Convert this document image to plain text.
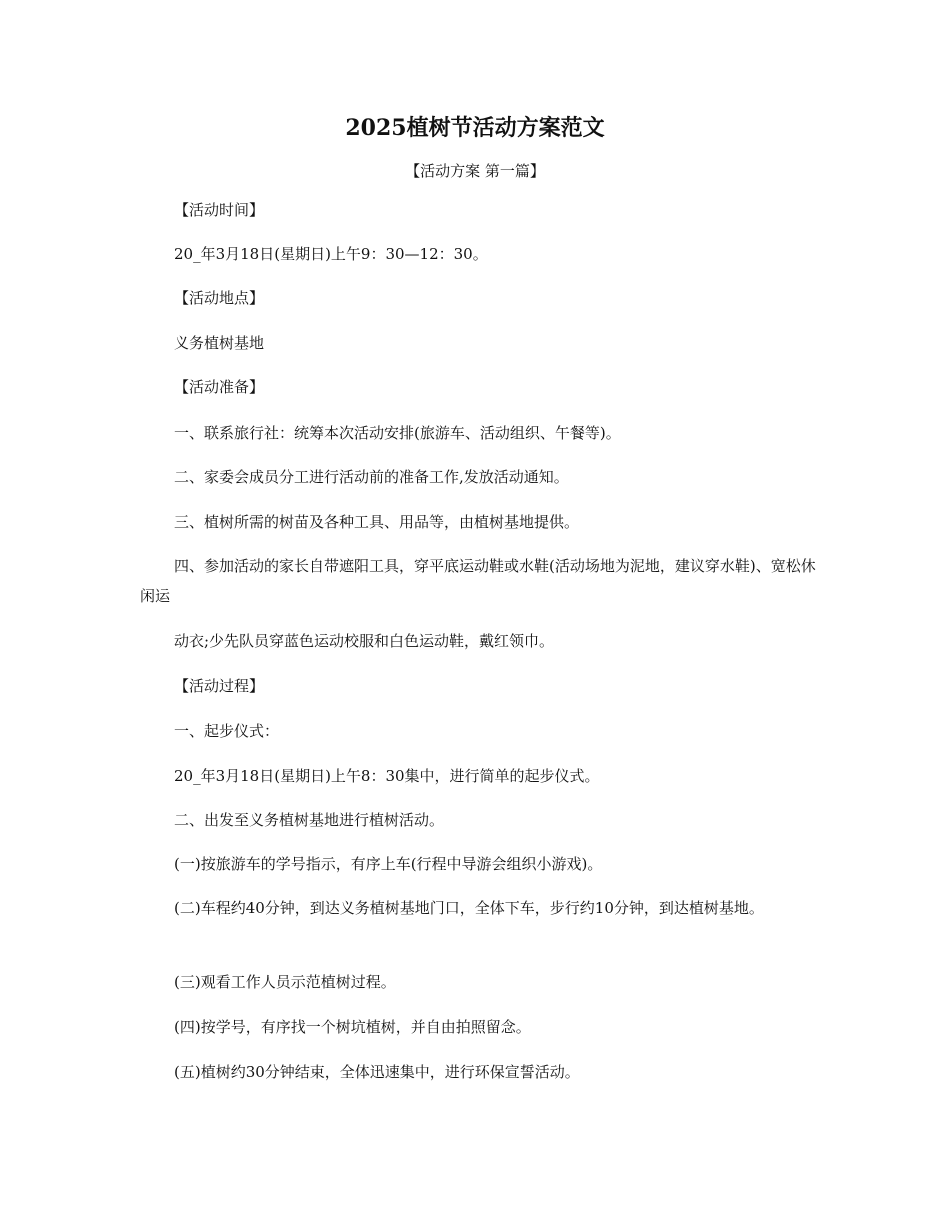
2025植树节活动方案范文

【活动方案 第一篇】

【活动时间】

20_年3月18日(星期日)上午9：30—12：30。

【活动地点】

义务植树基地

【活动准备】

一、联系旅行社：统筹本次活动安排(旅游车、活动组织、午餐等)。

二、家委会成员分工进行活动前的准备工作,发放活动通知。

三、植树所需的树苗及各种工具、用品等，由植树基地提供。

四、参加活动的家长自带遮阳工具，穿平底运动鞋或水鞋(活动场地为泥地，建议穿水鞋)、宽松休闲运

动衣;少先队员穿蓝色运动校服和白色运动鞋，戴红领巾。

【活动过程】

一、起步仪式：

20_年3月18日(星期日)上午8：30集中，进行简单的起步仪式。

二、出发至义务植树基地进行植树活动。

(一)按旅游车的学号指示，有序上车(行程中导游会组织小游戏)。

(二)车程约40分钟，到达义务植树基地门口，全体下车，步行约10分钟，到达植树基地。

(三)观看工作人员示范植树过程。

(四)按学号，有序找一个树坑植树，并自由拍照留念。

(五)植树约30分钟结束，全体迅速集中，进行环保宣誓活动。
